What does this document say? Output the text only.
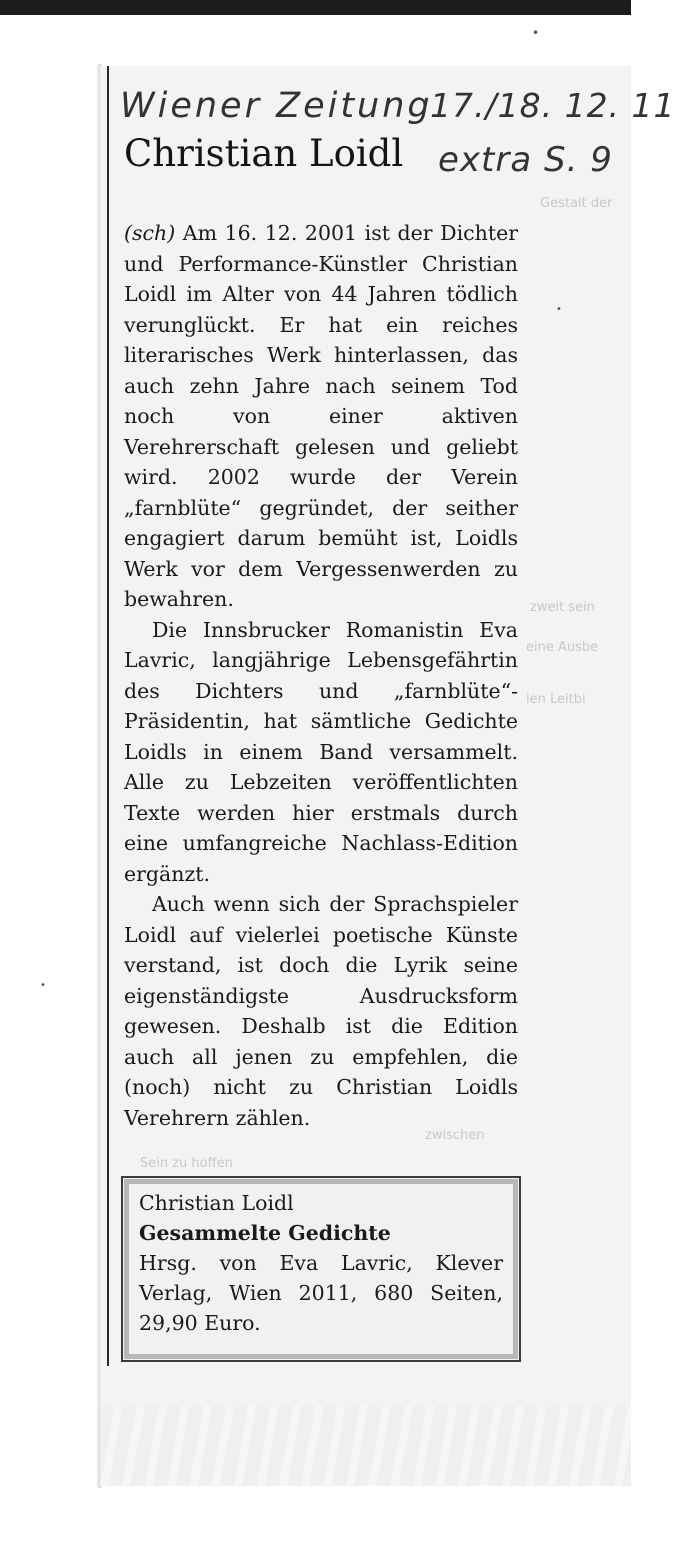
Gestalt der
zweit sein
eine Ausbe
ien Leitbi
zwischen
Sein zu hoffen
Wiener Zeitung
17./18. 12. 11
extra S. 9
Christian Loidl

(sch) Am 16. 12. 2001 ist der Dichter und Performance-Künstler Christian Loidl im Alter von 44 Jahren tödlich verunglückt. Er hat ein reiches literarisches Werk hinterlassen, das auch zehn Jahre nach seinem Tod noch von einer aktiven Verehrerschaft gelesen und geliebt wird. 2002 wurde der Verein „farnblüte“ gegründet, der seither engagiert darum bemüht ist, Loidls Werk vor dem Vergessenwerden zu bewahren.

Die Innsbrucker Romanistin Eva Lavric, langjährige Lebensgefährtin des Dichters und „farnblüte“-Präsidentin, hat sämtliche Gedichte Loidls in einem Band versammelt. Alle zu Lebzeiten veröffentlichten Texte werden hier erstmals durch eine umfangreiche Nachlass-Edition ergänzt.

Auch wenn sich der Sprachspieler Loidl auf vielerlei poetische Künste verstand, ist doch die Lyrik seine eigenständigste Ausdrucksform gewesen. Deshalb ist die Edition auch all jenen zu empfehlen, die (noch) nicht zu Christian Loidls Verehrern zählen.

Christian Loidl
Gesammelte Gedichte
Hrsg. von Eva Lavric, Klever Verlag, Wien 2011, 680 Seiten, 29,90 Euro.
•
•
•
